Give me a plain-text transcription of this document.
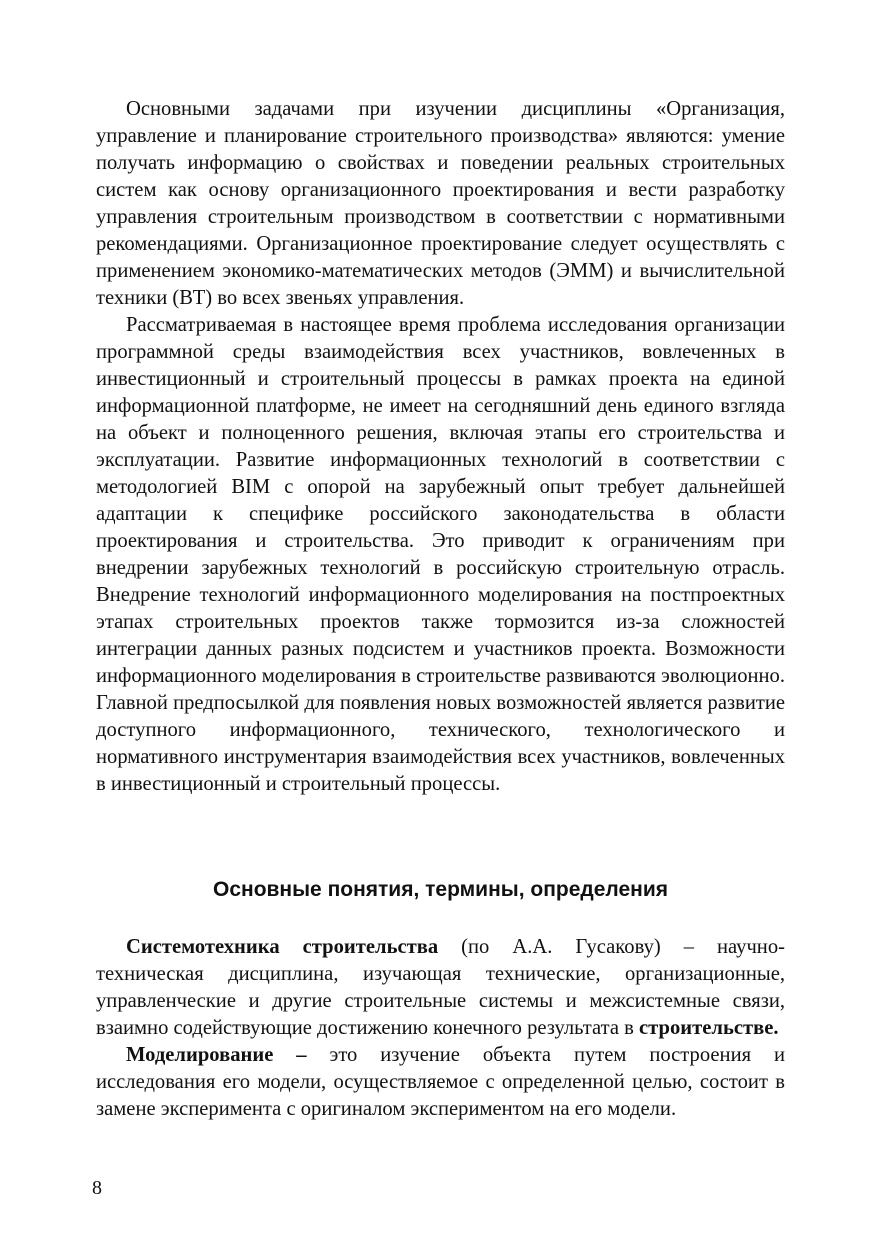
Основными задачами при изучении дисциплины «Организация, управление и планирование строительного производства» являются: умение получать информацию о свойствах и поведении реальных строительных систем как основу организационного проектирования и вести разработку управления строительным производством в соответствии с нормативными рекомендациями. Организационное проектирование следует осуществлять с применением экономико-математических методов (ЭММ) и вычислительной техники (ВТ) во всех звеньях управления.

Рассматриваемая в настоящее время проблема исследования организации программной среды взаимодействия всех участников, вовлеченных в инвестиционный и строительный процессы в рамках проекта на единой информационной платформе, не имеет на сегодняшний день единого взгляда на объект и полноценного решения, включая этапы его строительства и эксплуатации. Развитие информационных технологий в соответствии с методологией BIM с опорой на зарубежный опыт требует дальнейшей адаптации к специфике российского законодательства в области проектирования и строительства. Это приводит к ограничениям при внедрении зарубежных технологий в российскую строительную отрасль. Внедрение технологий информационного моделирования на постпроектных этапах строительных проектов также тормозится из-за сложностей интеграции данных разных подсистем и участников проекта. Возможности информационного моделирования в строительстве развиваются эволюционно. Главной предпосылкой для появления новых возможностей является развитие доступного информационного, технического, технологического и нормативного инструментария взаимодействия всех участников, вовлеченных в инвестиционный и строительный процессы.

Основные понятия, термины, определения

Системотехника строительства (по А.А. Гусакову) – научно-техническая дисциплина, изучающая технические, организационные, управленческие и другие строительные системы и межсистемные связи, взаимно содействующие достижению конечного результата в строительстве.

Моделирование – это изучение объекта путем построения и исследования его модели, осуществляемое с определенной целью, состоит в замене эксперимента с оригиналом экспериментом на его модели.

8
